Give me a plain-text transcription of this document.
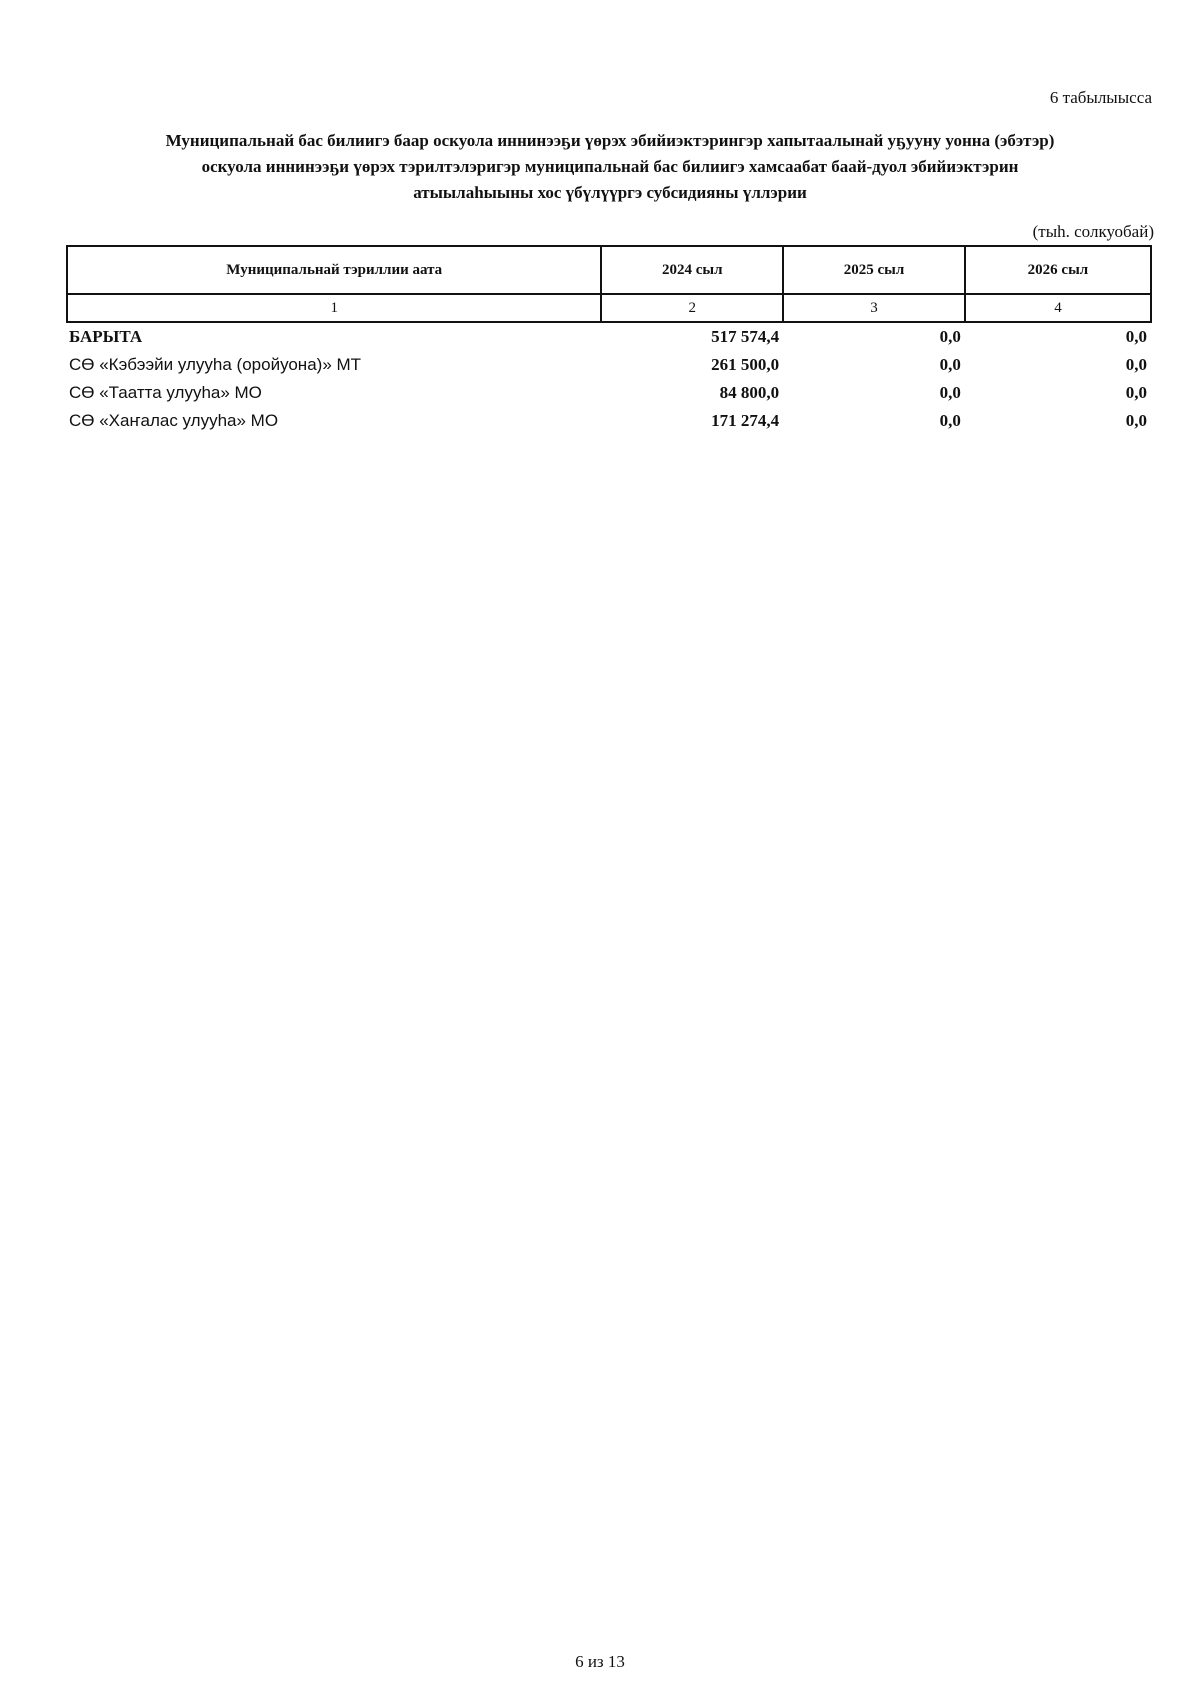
6 табылыысса
Муниципальнай бас билиигэ баар оскуола иннинээҕи үөрэх эбийиэктэрингэр хапытаалынай уҕууну уонна (эбэтэр)
оскуола иннинээҕи үөрэх тэрилтэлэригэр муниципальнай бас билиигэ хамсаабат баай-дуол эбийиэктэрин
атыылаһыыны хос үбүлүүргэ субсидияны үллэрии
(тыһ. солкуобай)
Муниципальнай тэриллии аата	2024 сыл	2025 сыл	2026 сыл
1	2	3	4
БАРЫТА	517 574,4	0,0	0,0
СӨ «Кэбээйи улууһа (оройуона)» МТ	261 500,0	0,0	0,0
СӨ «Таатта улууһа» МО	84 800,0	0,0	0,0
СӨ «Хаҥалас улууһа» МО	171 274,4	0,0	0,0
6 из 13
